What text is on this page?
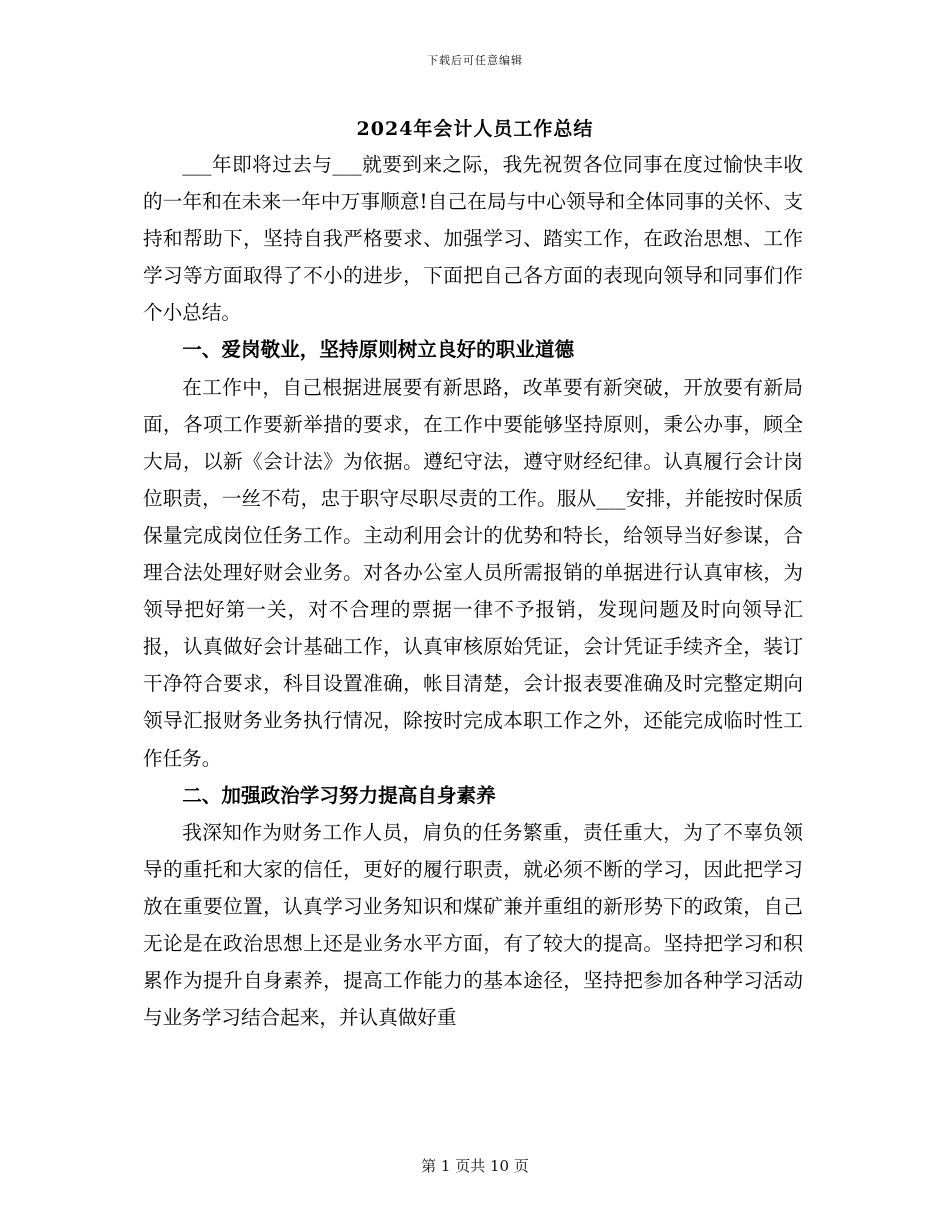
下载后可任意编辑
2024年会计人员工作总结

___年即将过去与___就要到来之际，我先祝贺各位同事在度过愉快丰收的一年和在未来一年中万事顺意!自己在局与中心领导和全体同事的关怀、支持和帮助下，坚持自我严格要求、加强学习、踏实工作，在政治思想、工作学习等方面取得了不小的进步，下面把自己各方面的表现向领导和同事们作个小总结。

一、爱岗敬业，坚持原则树立良好的职业道德

在工作中，自己根据进展要有新思路，改革要有新突破，开放要有新局面，各项工作要新举措的要求，在工作中要能够坚持原则，秉公办事，顾全大局，以新《会计法》为依据。遵纪守法，遵守财经纪律。认真履行会计岗位职责，一丝不苟，忠于职守尽职尽责的工作。服从___安排，并能按时保质保量完成岗位任务工作。主动利用会计的优势和特长，给领导当好参谋，合理合法处理好财会业务。对各办公室人员所需报销的单据进行认真审核，为领导把好第一关，对不合理的票据一律不予报销，发现问题及时向领导汇报，认真做好会计基础工作，认真审核原始凭证，会计凭证手续齐全，装订干净符合要求，科目设置准确，帐目清楚，会计报表要准确及时完整定期向领导汇报财务业务执行情况，除按时完成本职工作之外，还能完成临时性工作任务。

二、加强政治学习努力提高自身素养

我深知作为财务工作人员，肩负的任务繁重，责任重大，为了不辜负领导的重托和大家的信任，更好的履行职责，就必须不断的学习，因此把学习放在重要位置，认真学习业务知识和煤矿兼并重组的新形势下的政策，自己无论是在政治思想上还是业务水平方面，有了较大的提高。坚持把学习和积累作为提升自身素养，提高工作能力的基本途径，坚持把参加各种学习活动与业务学习结合起来，并认真做好重

第 1 页共 10 页
